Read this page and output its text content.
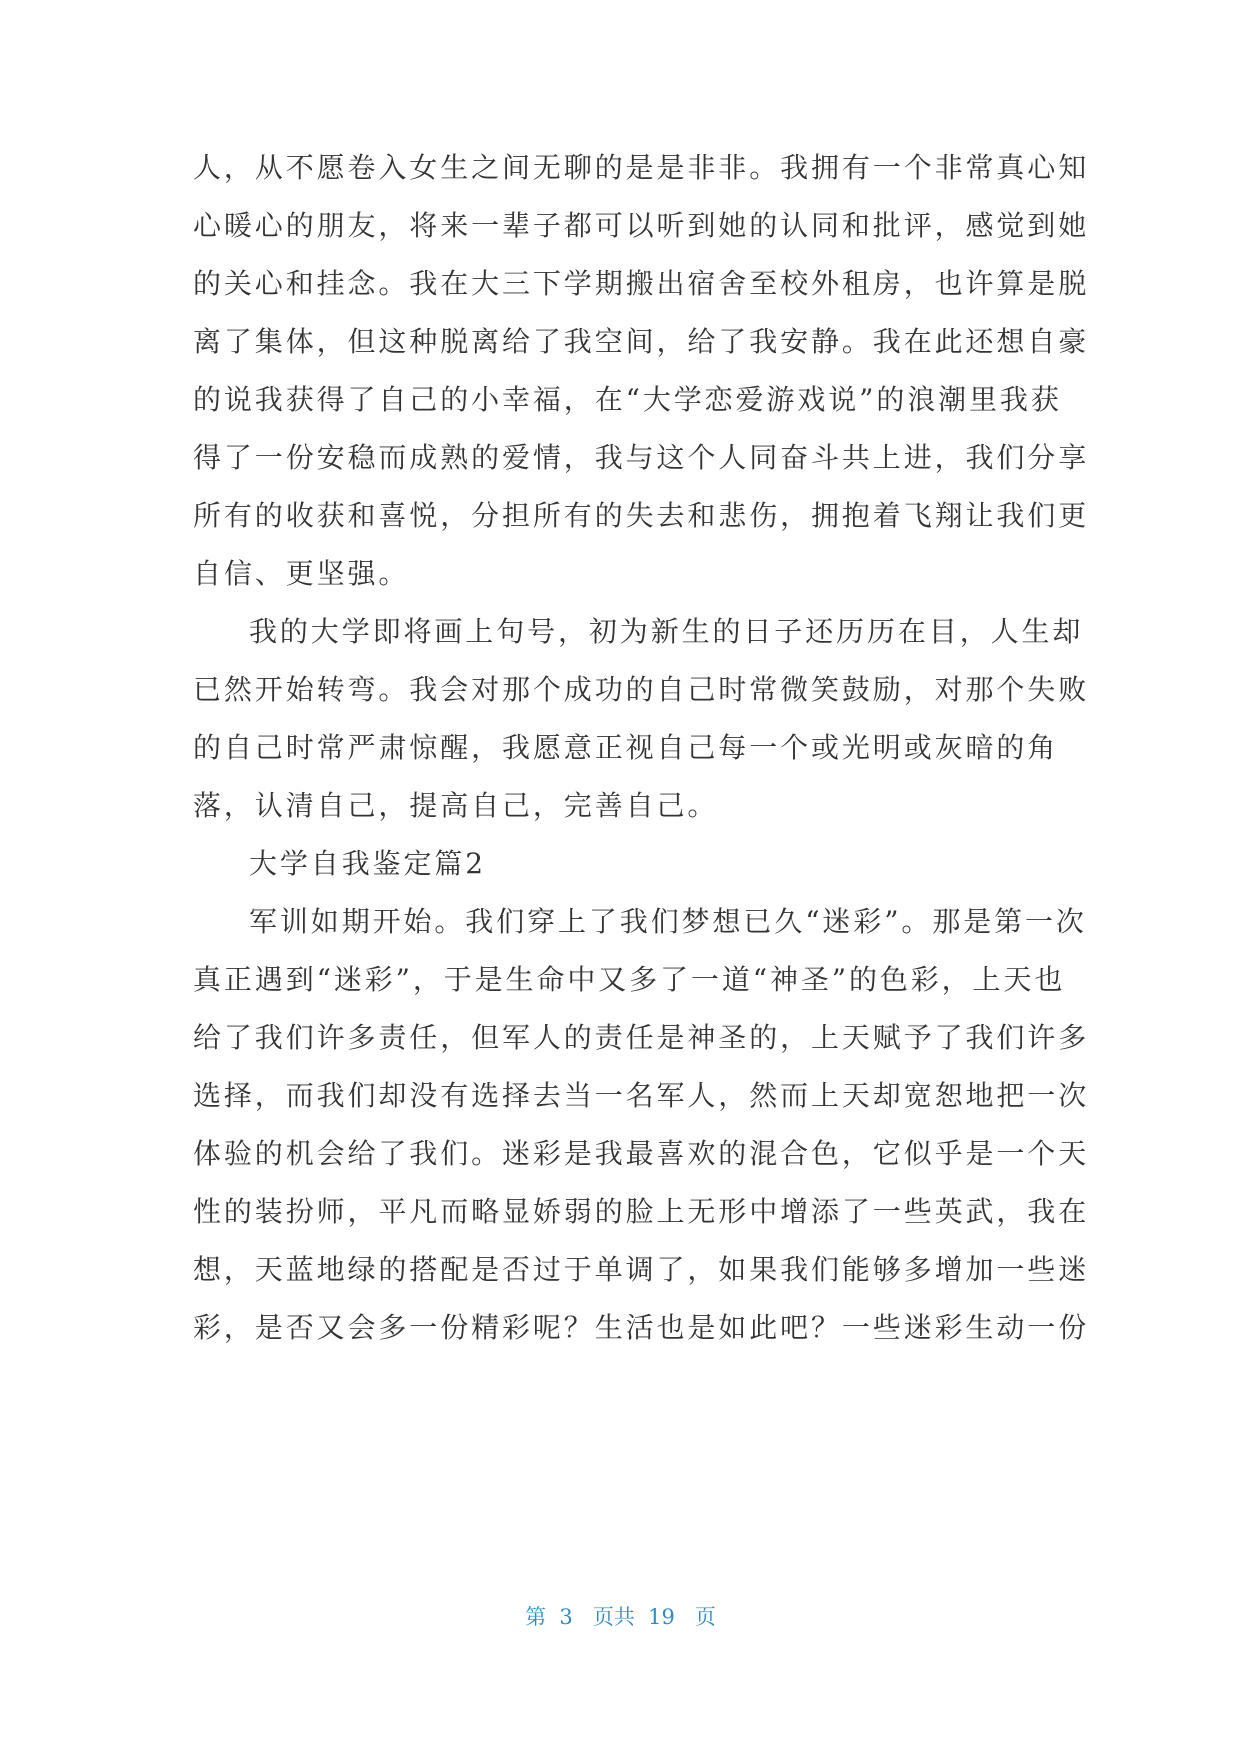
人，从不愿卷入女生之间无聊的是是非非。我拥有一个非常真心知
心暖心的朋友，将来一辈子都可以听到她的认同和批评，感觉到她
的关心和挂念。我在大三下学期搬出宿舍至校外租房，也许算是脱
离了集体，但这种脱离给了我空间，给了我安静。我在此还想自豪
的说我获得了自己的小幸福，在“大学恋爱游戏说”的浪潮里我获
得了一份安稳而成熟的爱情，我与这个人同奋斗共上进，我们分享
所有的收获和喜悦，分担所有的失去和悲伤，拥抱着飞翔让我们更
自信、更坚强。
我的大学即将画上句号，初为新生的日子还历历在目，人生却
已然开始转弯。我会对那个成功的自己时常微笑鼓励，对那个失败
的自己时常严肃惊醒，我愿意正视自己每一个或光明或灰暗的角
落，认清自己，提高自己，完善自己。
大学自我鉴定篇2
军训如期开始。我们穿上了我们梦想已久“迷彩”。那是第一次
真正遇到“迷彩”，于是生命中又多了一道“神圣”的色彩，上天也
给了我们许多责任，但军人的责任是神圣的，上天赋予了我们许多
选择，而我们却没有选择去当一名军人，然而上天却宽恕地把一次
体验的机会给了我们。迷彩是我最喜欢的混合色，它似乎是一个天
性的装扮师，平凡而略显娇弱的脸上无形中增添了一些英武，我在
想，天蓝地绿的搭配是否过于单调了，如果我们能够多增加一些迷
彩，是否又会多一份精彩呢？生活也是如此吧？一些迷彩生动一份
第  3   页共  19   页
